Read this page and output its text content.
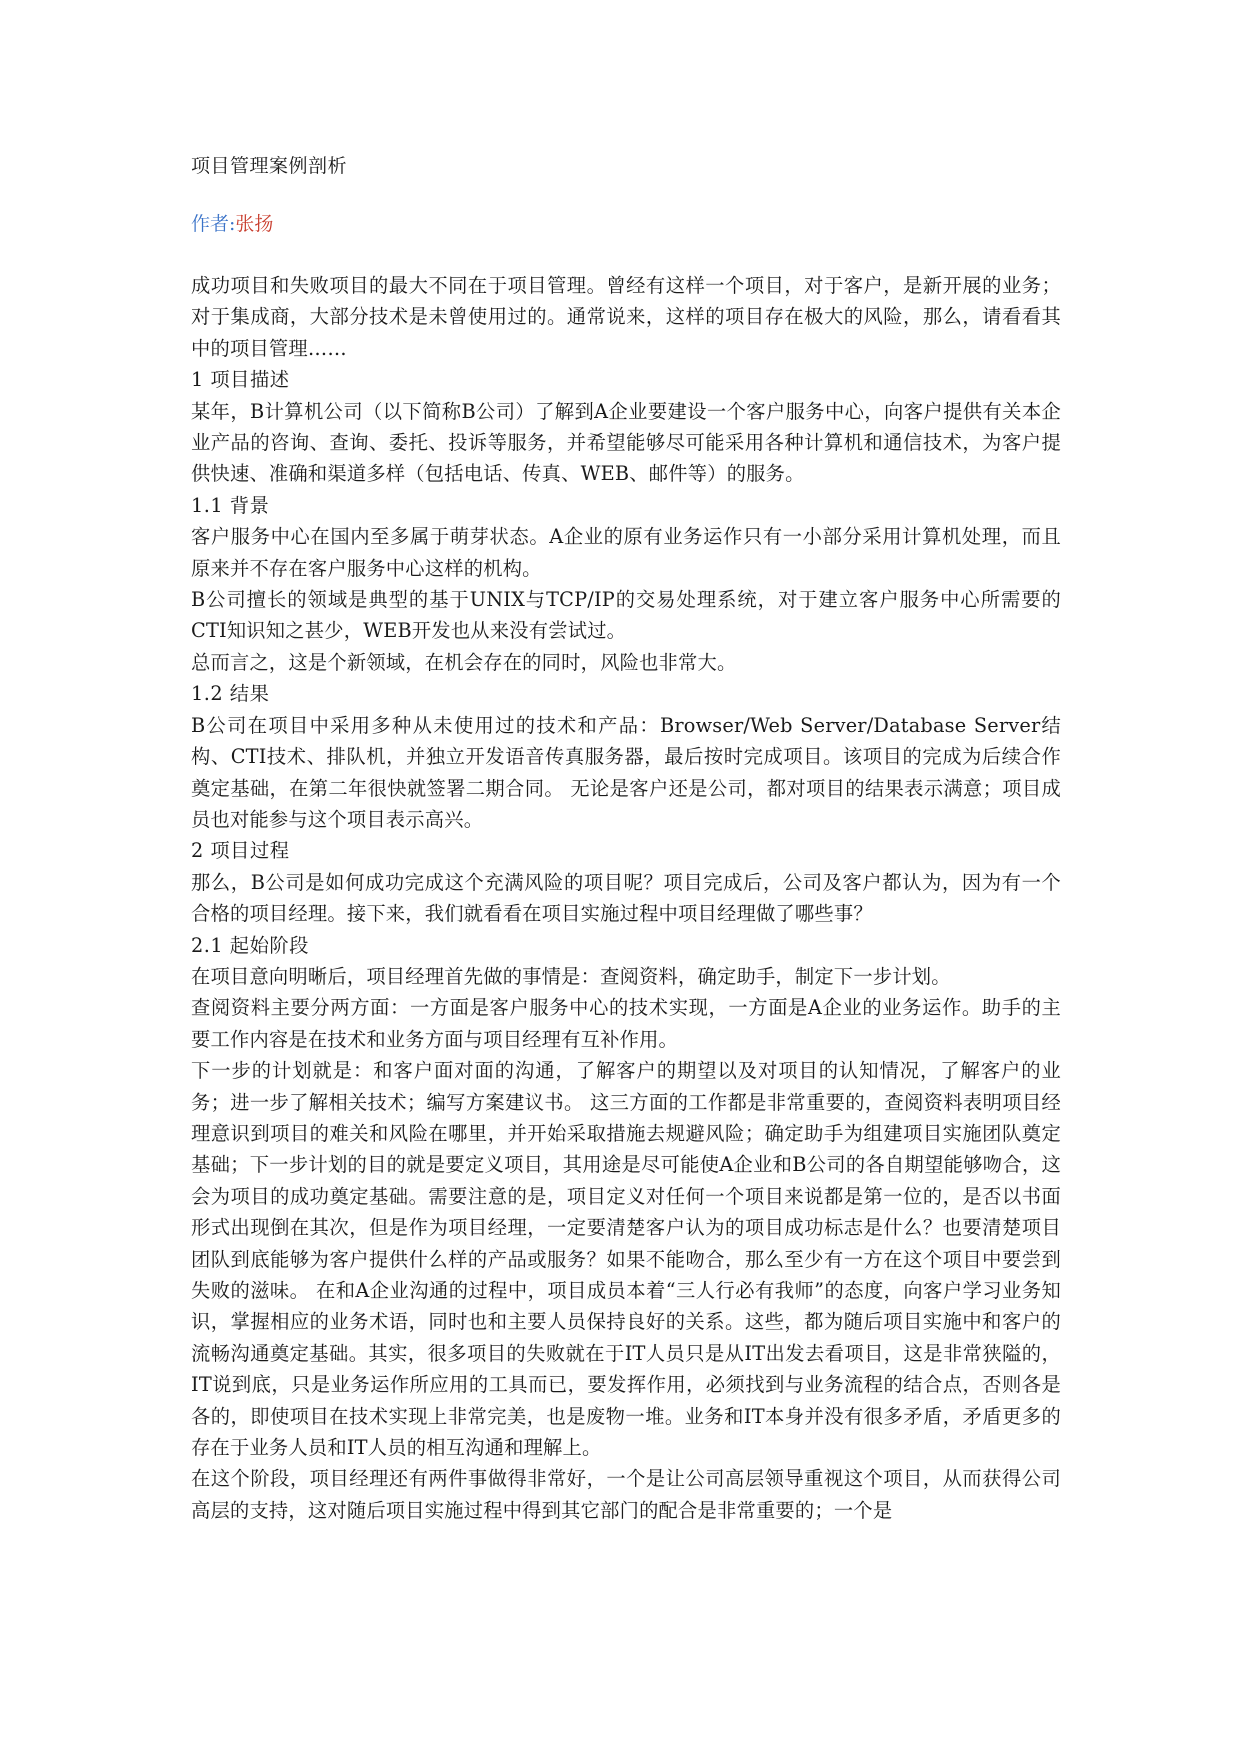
项目管理案例剖析
作者:张扬

成功项目和失败项目的最大不同在于项目管理。曾经有这样一个项目，对于客户，是新开展的业务；对于集成商，大部分技术是未曾使用过的。通常说来，这样的项目存在极大的风险，那么，请看看其中的项目管理……

1 项目描述

某年，B计算机公司（以下简称B公司）了解到A企业要建设一个客户服务中心，向客户提供有关本企业产品的咨询、查询、委托、投诉等服务，并希望能够尽可能采用各种计算机和通信技术，为客户提供快速、准确和渠道多样（包括电话、传真、WEB、邮件等）的服务。

1.1 背景

客户服务中心在国内至多属于萌芽状态。A企业的原有业务运作只有一小部分采用计算机处理，而且原来并不存在客户服务中心这样的机构。

B公司擅长的领域是典型的基于UNIX与TCP/IP的交易处理系统，对于建立客户服务中心所需要的CTI知识知之甚少，WEB开发也从来没有尝试过。

总而言之，这是个新领域，在机会存在的同时，风险也非常大。

1.2 结果

B公司在项目中采用多种从未使用过的技术和产品：Browser/Web Server/Database Server结构、CTI技术、排队机，并独立开发语音传真服务器，最后按时完成项目。该项目的完成为后续合作奠定基础，在第二年很快就签署二期合同。 无论是客户还是公司，都对项目的结果表示满意；项目成员也对能参与这个项目表示高兴。

2 项目过程

那么，B公司是如何成功完成这个充满风险的项目呢？项目完成后，公司及客户都认为，因为有一个合格的项目经理。接下来，我们就看看在项目实施过程中项目经理做了哪些事？

2.1 起始阶段

在项目意向明晰后，项目经理首先做的事情是：查阅资料，确定助手，制定下一步计划。

查阅资料主要分两方面：一方面是客户服务中心的技术实现，一方面是A企业的业务运作。助手的主要工作内容是在技术和业务方面与项目经理有互补作用。

下一步的计划就是：和客户面对面的沟通，了解客户的期望以及对项目的认知情况，了解客户的业务；进一步了解相关技术；编写方案建议书。 这三方面的工作都是非常重要的，查阅资料表明项目经理意识到项目的难关和风险在哪里，并开始采取措施去规避风险；确定助手为组建项目实施团队奠定基础；下一步计划的目的就是要定义项目，其用途是尽可能使A企业和B公司的各自期望能够吻合，这会为项目的成功奠定基础。需要注意的是，项目定义对任何一个项目来说都是第一位的，是否以书面形式出现倒在其次，但是作为项目经理，一定要清楚客户认为的项目成功标志是什么？也要清楚项目团队到底能够为客户提供什么样的产品或服务？如果不能吻合，那么至少有一方在这个项目中要尝到失败的滋味。 在和A企业沟通的过程中，项目成员本着“三人行必有我师”的态度，向客户学习业务知识，掌握相应的业务术语，同时也和主要人员保持良好的关系。这些，都为随后项目实施中和客户的流畅沟通奠定基础。其实，很多项目的失败就在于IT人员只是从IT出发去看项目，这是非常狭隘的，IT说到底，只是业务运作所应用的工具而已，要发挥作用，必须找到与业务流程的结合点，否则各是各的，即使项目在技术实现上非常完美，也是废物一堆。业务和IT本身并没有很多矛盾，矛盾更多的存在于业务人员和IT人员的相互沟通和理解上。

在这个阶段，项目经理还有两件事做得非常好，一个是让公司高层领导重视这个项目，从而获得公司高层的支持，这对随后项目实施过程中得到其它部门的配合是非常重要的；一个是
